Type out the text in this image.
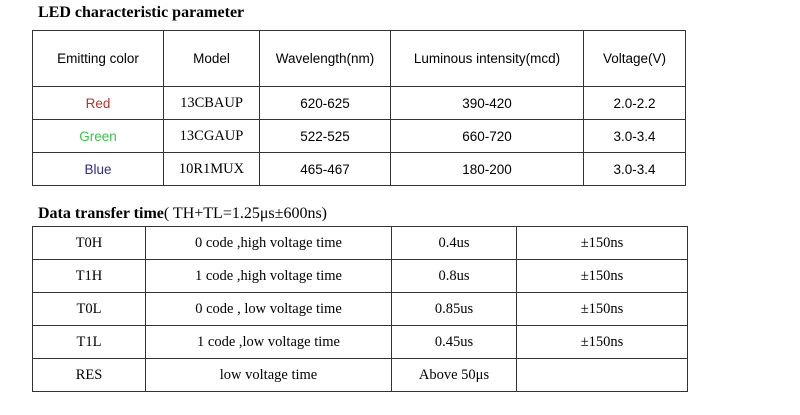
LED characteristic parameter
Emitting color	Model	Wavelength(nm)	Luminous intensity(mcd)	Voltage(V)
Red	13CBAUP	620-625	390-420	2.0-2.2
Green	13CGAUP	522-525	660-720	3.0-3.4
Blue	10R1MUX	465-467	180-200	3.0-3.4
Data transfer time( TH+TL=1.25μs±600ns)
T0H	0 code ,high voltage time	0.4us	±150ns
T1H	1 code ,high voltage time	0.8us	±150ns
T0L	0 code , low voltage time	0.85us	±150ns
T1L	1 code ,low voltage time	0.45us	±150ns
RES	low voltage time	Above 50μs	
